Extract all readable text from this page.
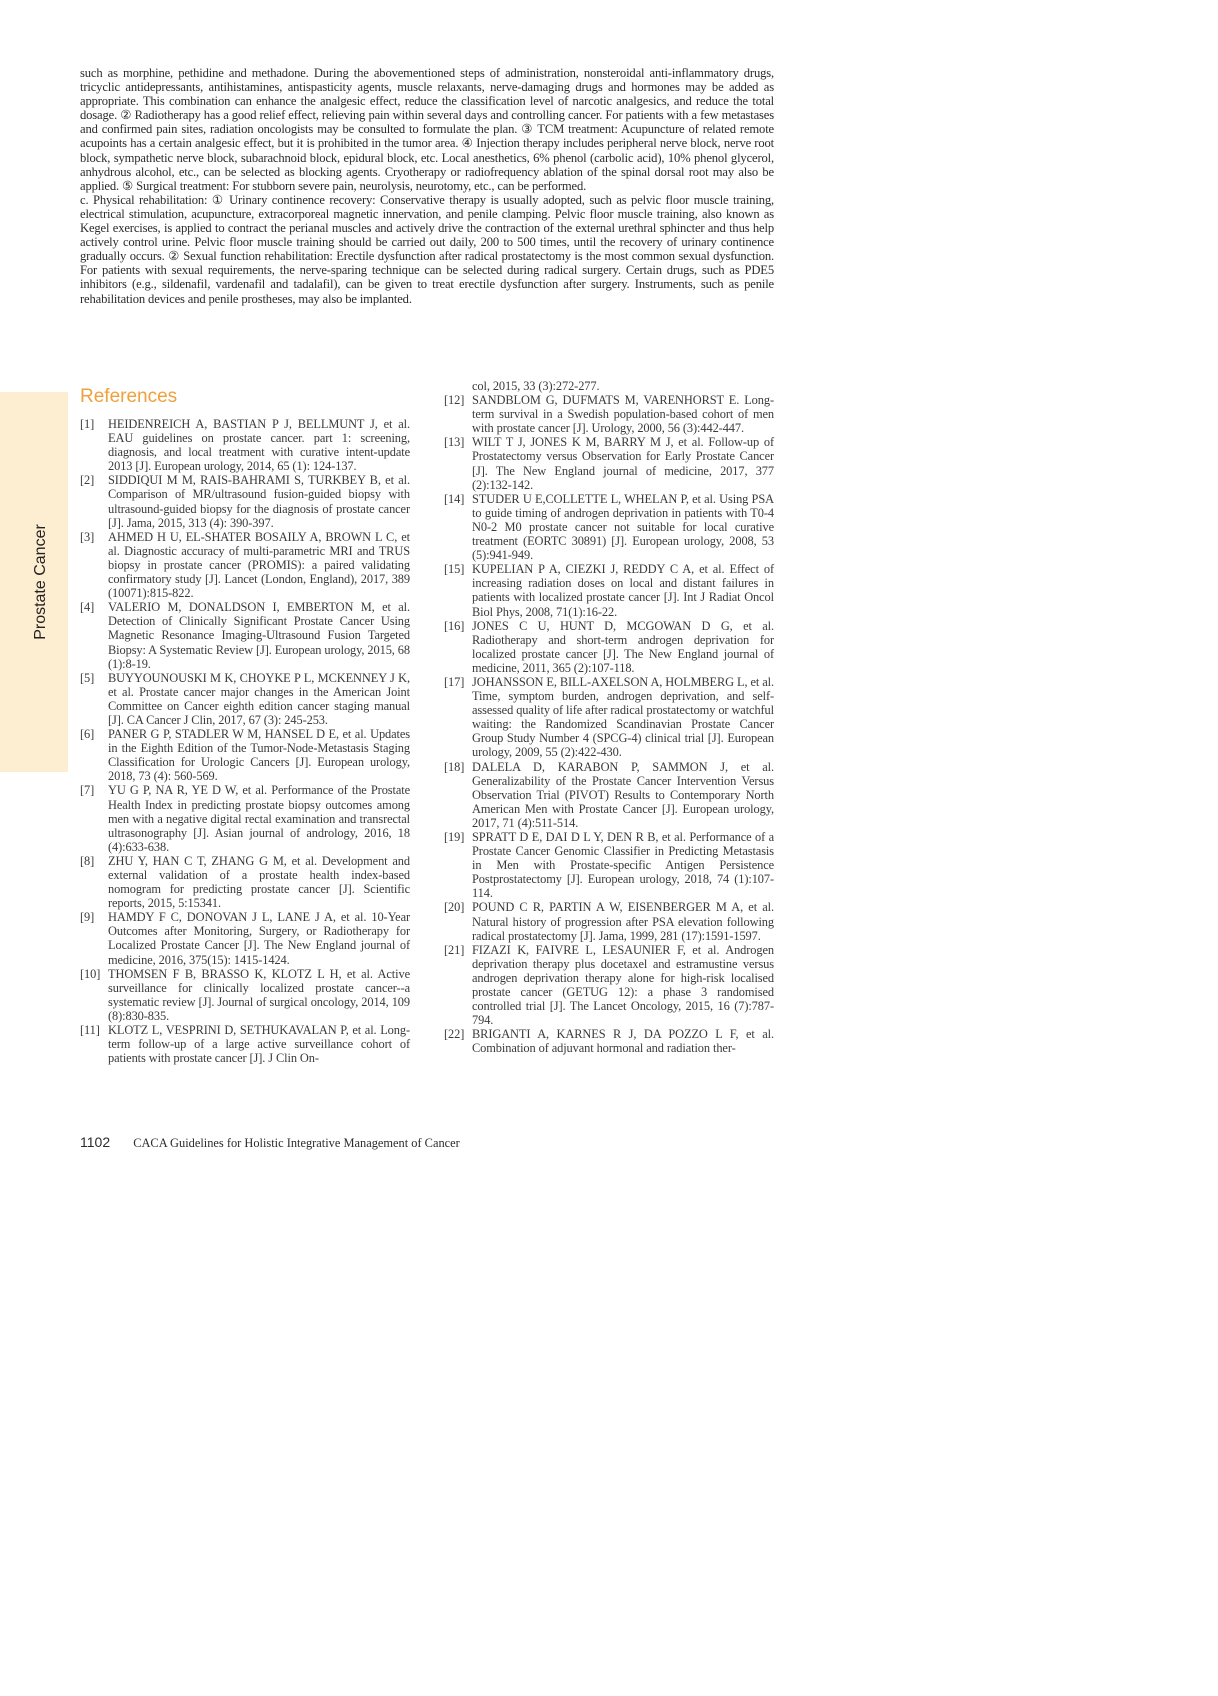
such as morphine, pethidine and methadone. During the abovementioned steps of administration, nonsteroidal anti-inflammatory drugs, tricyclic antidepressants, antihistamines, antispasticity agents, muscle relaxants, nerve-damaging drugs and hormones may be added as appropriate. This combination can enhance the analgesic effect, reduce the classification level of narcotic analgesics, and reduce the total dosage. ② Radiotherapy has a good relief effect, relieving pain within several days and controlling cancer. For patients with a few metastases and confirmed pain sites, radiation oncologists may be consulted to formulate the plan. ③ TCM treatment: Acupuncture of related remote acupoints has a certain analgesic effect, but it is prohibited in the tumor area. ④ Injection therapy includes peripheral nerve block, nerve root block, sympathetic nerve block, subarachnoid block, epidural block, etc. Local anesthetics, 6% phenol (carbolic acid), 10% phenol glycerol, anhydrous alcohol, etc., can be selected as blocking agents. Cryotherapy or radiofrequency ablation of the spinal dorsal root may also be applied. ⑤ Surgical treatment: For stubborn severe pain, neurolysis, neurotomy, etc., can be performed.

c. Physical rehabilitation: ① Urinary continence recovery: Conservative therapy is usually adopted, such as pelvic floor muscle training, electrical stimulation, acupuncture, extracorporeal magnetic innervation, and penile clamping. Pelvic floor muscle training, also known as Kegel exercises, is applied to contract the perianal muscles and actively drive the contraction of the external urethral sphincter and thus help actively control urine. Pelvic floor muscle training should be carried out daily, 200 to 500 times, until the recovery of urinary continence gradually occurs. ② Sexual function rehabilitation: Erectile dysfunction after radical prostatectomy is the most common sexual dysfunction. For patients with sexual requirements, the nerve-sparing technique can be selected during radical surgery. Certain drugs, such as PDE5 inhibitors (e.g., sildenafil, vardenafil and tadalafil), can be given to treat erectile dysfunction after surgery. Instruments, such as penile rehabilitation devices and penile prostheses, may also be implanted.

Prostate Cancer
References
[1] HEIDENREICH A, BASTIAN P J, BELLMUNT J, et al. EAU guidelines on prostate cancer. part 1: screening, diagnosis, and local treatment with curative intent-update 2013 [J]. European urology, 2014, 65 (1): 124-137.
[2] SIDDIQUI M M, RAIS-BAHRAMI S, TURKBEY B, et al. Comparison of MR/ultrasound fusion-guided biopsy with ultrasound-guided biopsy for the diagnosis of prostate cancer [J]. Jama, 2015, 313 (4): 390-397.
[3] AHMED H U, EL-SHATER BOSAILY A, BROWN L C, et al. Diagnostic accuracy of multi-parametric MRI and TRUS biopsy in prostate cancer (PROMIS): a paired validating confirmatory study [J]. Lancet (London, England), 2017, 389 (10071):815-822.
[4] VALERIO M, DONALDSON I, EMBERTON M, et al. Detection of Clinically Significant Prostate Cancer Using Magnetic Resonance Imaging-Ultrasound Fusion Targeted Biopsy: A Systematic Review [J]. European urology, 2015, 68 (1):8-19.
[5] BUYYOUNOUSKI M K, CHOYKE P L, MCKENNEY J K, et al. Prostate cancer major changes in the American Joint Committee on Cancer eighth edition cancer staging manual [J]. CA Cancer J Clin, 2017, 67 (3): 245-253.
[6] PANER G P, STADLER W M, HANSEL D E, et al. Updates in the Eighth Edition of the Tumor-Node-Metastasis Staging Classification for Urologic Cancers [J]. European urology, 2018, 73 (4): 560-569.
[7] YU G P, NA R, YE D W, et al. Performance of the Prostate Health Index in predicting prostate biopsy outcomes among men with a negative digital rectal examination and transrectal ultrasonography [J]. Asian journal of andrology, 2016, 18 (4):633-638.
[8] ZHU Y, HAN C T, ZHANG G M, et al. Development and external validation of a prostate health index-based nomogram for predicting prostate cancer [J]. Scientific reports, 2015, 5:15341.
[9] HAMDY F C, DONOVAN J L, LANE J A, et al. 10-Year Outcomes after Monitoring, Surgery, or Radiotherapy for Localized Prostate Cancer [J]. The New England journal of medicine, 2016, 375(15): 1415-1424.
[10] THOMSEN F B, BRASSO K, KLOTZ L H, et al. Active surveillance for clinically localized prostate cancer--a systematic review [J]. Journal of surgical oncology, 2014, 109 (8):830-835.
[11] KLOTZ L, VESPRINI D, SETHUKAVALAN P, et al. Long-term follow-up of a large active surveillance cohort of patients with prostate cancer [J]. J Clin On-
col, 2015, 33 (3):272-277.
[12] SANDBLOM G, DUFMATS M, VARENHORST E. Long-term survival in a Swedish population-based cohort of men with prostate cancer [J]. Urology, 2000, 56 (3):442-447.
[13] WILT T J, JONES K M, BARRY M J, et al. Follow-up of Prostatectomy versus Observation for Early Prostate Cancer [J]. The New England journal of medicine, 2017, 377 (2):132-142.
[14] STUDER U E,COLLETTE L, WHELAN P, et al. Using PSA to guide timing of androgen deprivation in patients with T0-4 N0-2 M0 prostate cancer not suitable for local curative treatment (EORTC 30891) [J]. European urology, 2008, 53 (5):941-949.
[15] KUPELIAN P A, CIEZKI J, REDDY C A, et al. Effect of increasing radiation doses on local and distant failures in patients with localized prostate cancer [J]. Int J Radiat Oncol Biol Phys, 2008, 71(1):16-22.
[16] JONES C U, HUNT D, MCGOWAN D G, et al. Radiotherapy and short-term androgen deprivation for localized prostate cancer [J]. The New England journal of medicine, 2011, 365 (2):107-118.
[17] JOHANSSON E, BILL-AXELSON A, HOLMBERG L, et al. Time, symptom burden, androgen deprivation, and self-assessed quality of life after radical prostatectomy or watchful waiting: the Randomized Scandinavian Prostate Cancer Group Study Number 4 (SPCG-4) clinical trial [J]. European urology, 2009, 55 (2):422-430.
[18] DALELA D, KARABON P, SAMMON J, et al. Generalizability of the Prostate Cancer Intervention Versus Observation Trial (PIVOT) Results to Contemporary North American Men with Prostate Cancer [J]. European urology, 2017, 71 (4):511-514.
[19] SPRATT D E, DAI D L Y, DEN R B, et al. Performance of a Prostate Cancer Genomic Classifier in Predicting Metastasis in Men with Prostate-specific Antigen Persistence Postprostatectomy [J]. European urology, 2018, 74 (1):107-114.
[20] POUND C R, PARTIN A W, EISENBERGER M A, et al. Natural history of progression after PSA elevation following radical prostatectomy [J]. Jama, 1999, 281 (17):1591-1597.
[21] FIZAZI K, FAIVRE L, LESAUNIER F, et al. Androgen deprivation therapy plus docetaxel and estramustine versus androgen deprivation therapy alone for high-risk localised prostate cancer (GETUG 12): a phase 3 randomised controlled trial [J]. The Lancet Oncology, 2015, 16 (7):787-794.
[22] BRIGANTI A, KARNES R J, DA POZZO L F, et al. Combination of adjuvant hormonal and radiation ther-
1102 CACA Guidelines for Holistic Integrative Management of Cancer
